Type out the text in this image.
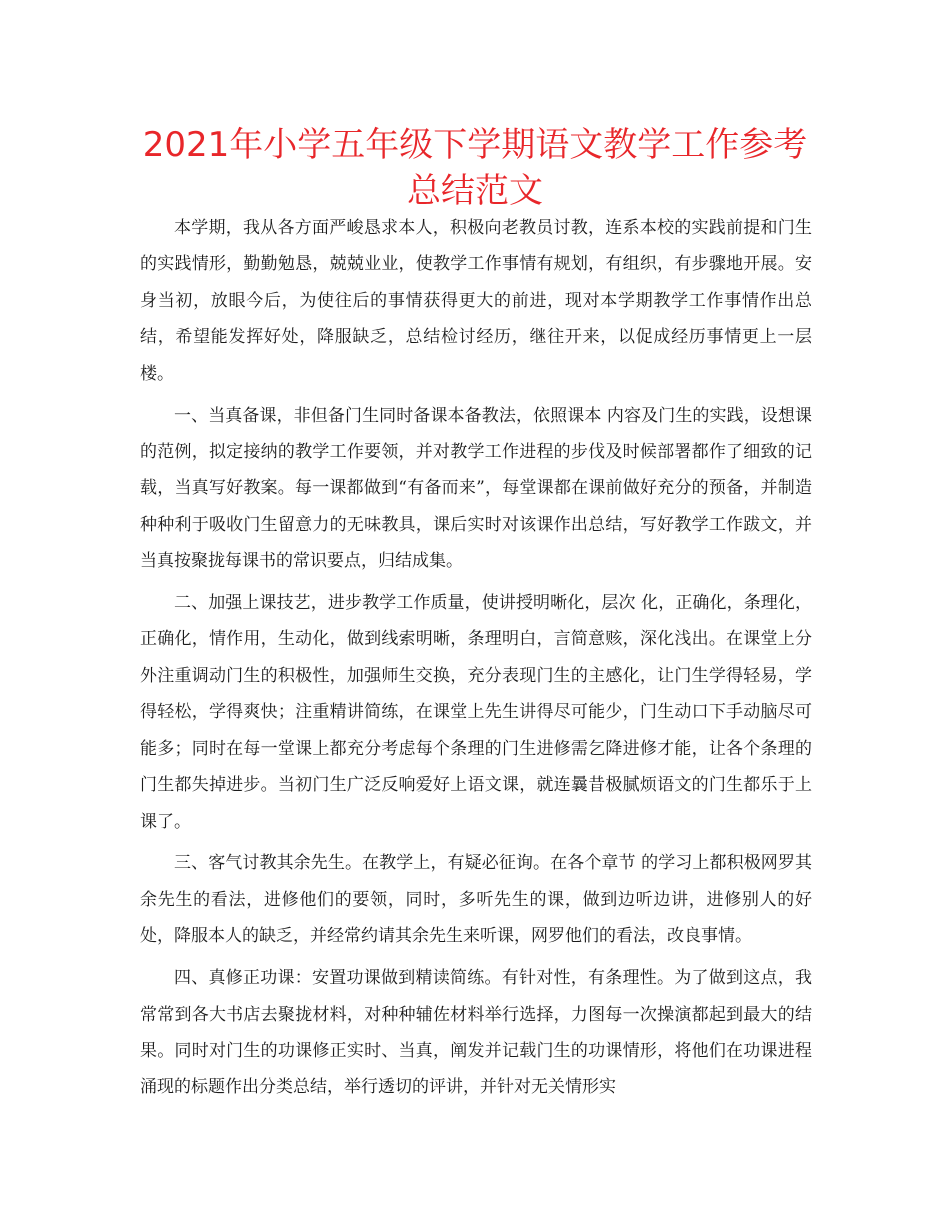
2021年小学五年级下学期语文教学工作参考总结范文

本学期，我从各方面严峻恳求本人，积极向老教员讨教，连系本校的实践前提和门生的实践情形，勤勤勉恳，兢兢业业，使教学工作事情有规划，有组织，有步骤地开展。安身当初，放眼今后，为使往后的事情获得更大的前进，现对本学期教学工作事情作出总结，希望能发挥好处，降服缺乏，总结检讨经历，继往开来，以促成经历事情更上一层楼。

一、当真备课，非但备门生同时备课本备教法，依照课本 内容及门生的实践，设想课的范例，拟定接纳的教学工作要领，并对教学工作进程的步伐及时候部署都作了细致的记载，当真写好教案。每一课都做到“有备而来”，每堂课都在课前做好充分的预备，并制造种种利于吸收门生留意力的无味教具，课后实时对该课作出总结，写好教学工作跋文，并当真按聚拢每课书的常识要点，归结成集。

二、加强上课技艺，进步教学工作质量，使讲授明晰化，层次 化，正确化，条理化，正确化，情作用，生动化，做到线索明晰，条理明白，言简意赅，深化浅出。在课堂上分外注重调动门生的积极性，加强师生交换，充分表现门生的主感化，让门生学得轻易，学得轻松，学得爽快；注重精讲简练，在课堂上先生讲得尽可能少，门生动口下手动脑尽可能多；同时在每一堂课上都充分考虑每个条理的门生进修需乞降进修才能，让各个条理的门生都失掉进步。当初门生广泛反响爱好上语文课，就连曩昔极腻烦语文的门生都乐于上课了。

三、客气讨教其余先生。在教学上，有疑必征询。在各个章节 的学习上都积极网罗其余先生的看法，进修他们的要领，同时，多听先生的课，做到边听边讲，进修别人的好处，降服本人的缺乏，并经常约请其余先生来听课，网罗他们的看法，改良事情。

四、真修正功课：安置功课做到精读简练。有针对性，有条理性。为了做到这点，我常常到各大书店去聚拢材料，对种种辅佐材料举行选择，力图每一次操演都起到最大的结果。同时对门生的功课修正实时、当真，阐发并记载门生的功课情形，将他们在功课进程涌现的标题作出分类总结，举行透切的评讲，并针对无关情形实
